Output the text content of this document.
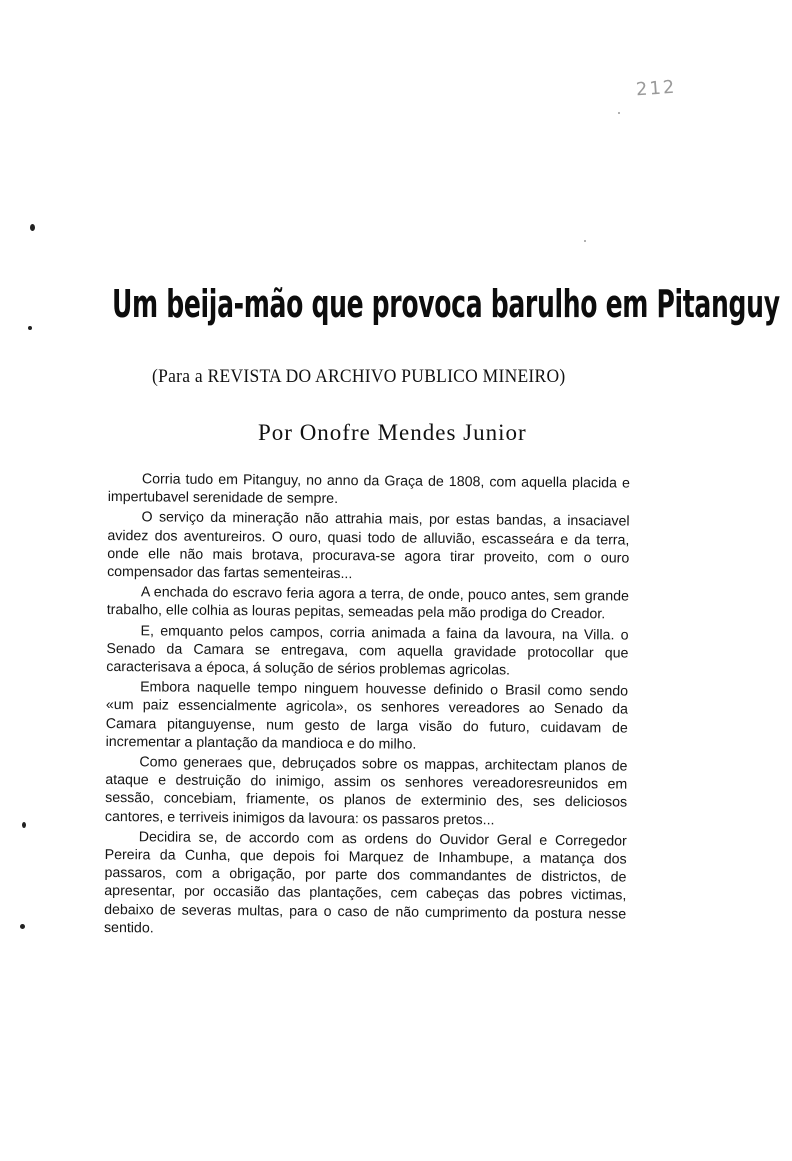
212
Um beija-mão que provoca barulho em Pitanguy
(Para a REVISTA DO ARCHIVO PUBLICO MINEIRO)
Por Onofre Mendes Junior

Corria tudo em Pitanguy, no anno da Graça de 1808, com aquella placida e impertubavel serenidade de sempre.

O serviço da mineração não attrahia mais, por estas bandas, a insaciavel avidez dos aventureiros. O ouro, quasi todo de alluvião, escasseára e da terra, onde elle não mais brotava, procurava-se agora tirar proveito, com o ouro compensador das fartas sementeiras...

A enchada do escravo feria agora a terra, de onde, pouco antes, sem grande trabalho, elle colhia as louras pepitas, semeadas pela mão prodiga do Creador.

E, emquanto pelos campos, corria animada a faina da lavoura, na Villa. o Senado da Camara se entregava, com aquella gravidade protocollar que caracterisava a época, á solução de sérios problemas agricolas.

Embora naquelle tempo ninguem houvesse definido o Brasil como sendo «um paiz essencialmente agricola», os senhores vereadores ao Senado da Camara pitanguyense, num gesto de larga visão do futuro, cuidavam de incrementar a plantação da mandioca e do milho.

Como generaes que, debruçados sobre os mappas, architectam planos de ataque e destruição do inimigo, assim os senhores vereadoresreunidos em sessão, concebiam, friamente, os planos de exterminio des, ses deliciosos cantores, e terriveis inimigos da lavoura: os passaros pretos...

Decidira se, de accordo com as ordens do Ouvidor Geral e Corregedor Pereira da Cunha, que depois foi Marquez de Inhambupe, a matança dos passaros, com a obrigação, por parte dos commandantes de districtos, de apresentar, por occasião das plantações, cem cabeças das pobres victimas, debaixo de severas multas, para o caso de não cumprimento da postura nesse sentido.
